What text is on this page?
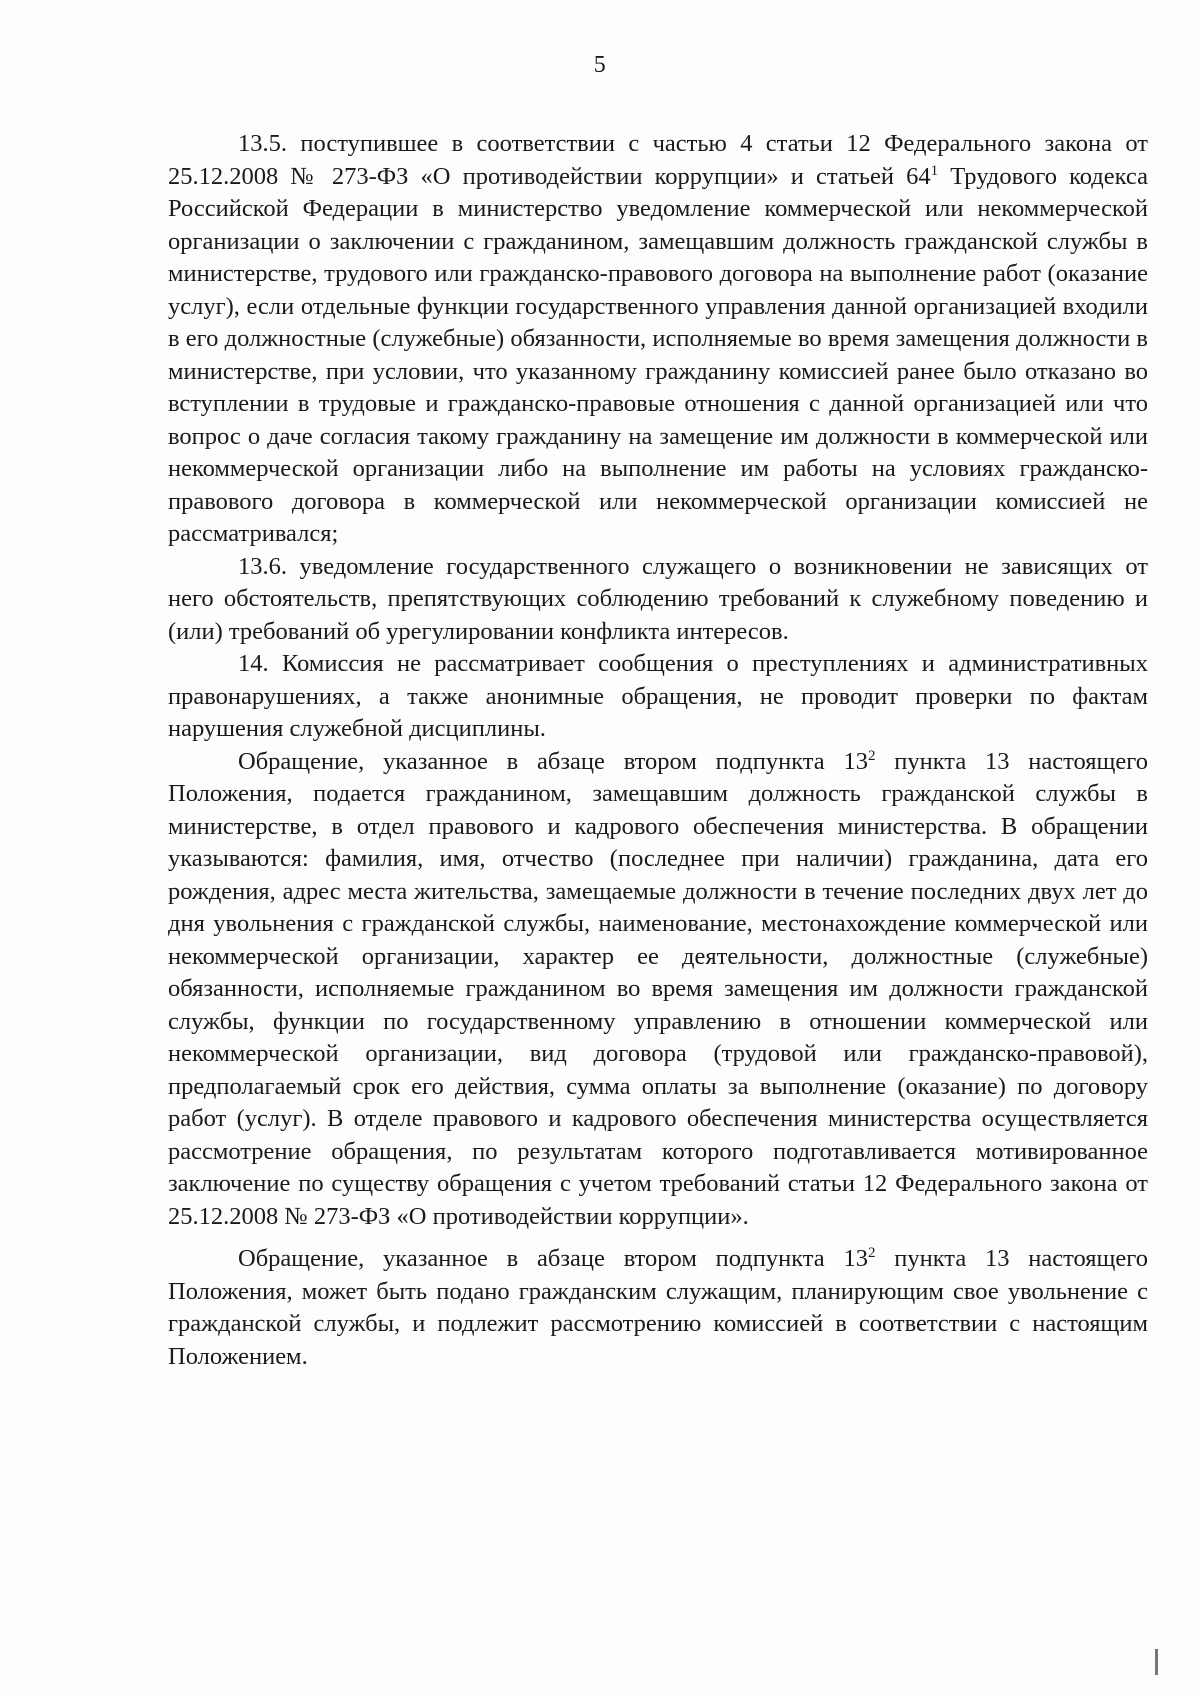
5

13.5. поступившее в соответствии с частью 4 статьи 12 Федерального закона от 25.12.2008 № 273-ФЗ «О противодействии коррупции» и статьей $64^1$ Трудового кодекса Российской Федерации в министерство уведомление коммерческой или некоммерческой организации о заключении с гражданином, замещавшим должность гражданской службы в министерстве, трудового или гражданско-правового договора на выполнение работ (оказание услуг), если отдельные функции государственного управления данной организацией входили в его должностные (служебные) обязанности, исполняемые во время замещения должности в министерстве, при условии, что указанному гражданину комиссией ранее было отказано во вступлении в трудовые и гражданско-правовые отношения с данной организацией или что вопрос о даче согласия такому гражданину на замещение им должности в коммерческой или некоммерческой организации либо на выполнение им работы на условиях гражданско-правового договора в коммерческой или некоммерческой организации комиссией не рассматривался;

13.6. уведомление государственного служащего о возникновении не зависящих от него обстоятельств, препятствующих соблюдению требований к служебному поведению и (или) требований об урегулировании конфликта интересов.

14. Комиссия не рассматривает сообщения о преступлениях и административных правонарушениях, а также анонимные обращения, не проводит проверки по фактам нарушения служебной дисциплины.

Обращение, указанное в абзаце втором подпункта $13^2$ пункта 13 настоящего Положения, подается гражданином, замещавшим должность гражданской службы в министерстве, в отдел правового и кадрового обеспечения министерства. В обращении указываются: фамилия, имя, отчество (последнее при наличии) гражданина, дата его рождения, адрес места жительства, замещаемые должности в течение последних двух лет до дня увольнения с гражданской службы, наименование, местонахождение коммерческой или некоммерческой организации, характер ее деятельности, должностные (служебные) обязанности, исполняемые гражданином во время замещения им должности гражданской службы, функции по государственному управлению в отношении коммерческой или некоммерческой организации, вид договора (трудовой или гражданско-правовой), предполагаемый срок его действия, сумма оплаты за выполнение (оказание) по договору работ (услуг). В отделе правового и кадрового обеспечения министерства осуществляется рассмотрение обращения, по результатам которого подготавливается мотивированное заключение по существу обращения с учетом требований статьи 12 Федерального закона от 25.12.2008 № 273-ФЗ «О противодействии коррупции».

Обращение, указанное в абзаце втором подпункта $13^2$ пункта 13 настоящего Положения, может быть подано гражданским служащим, планирующим свое увольнение с гражданской службы, и подлежит рассмотрению комиссией в соответствии с настоящим Положением.
